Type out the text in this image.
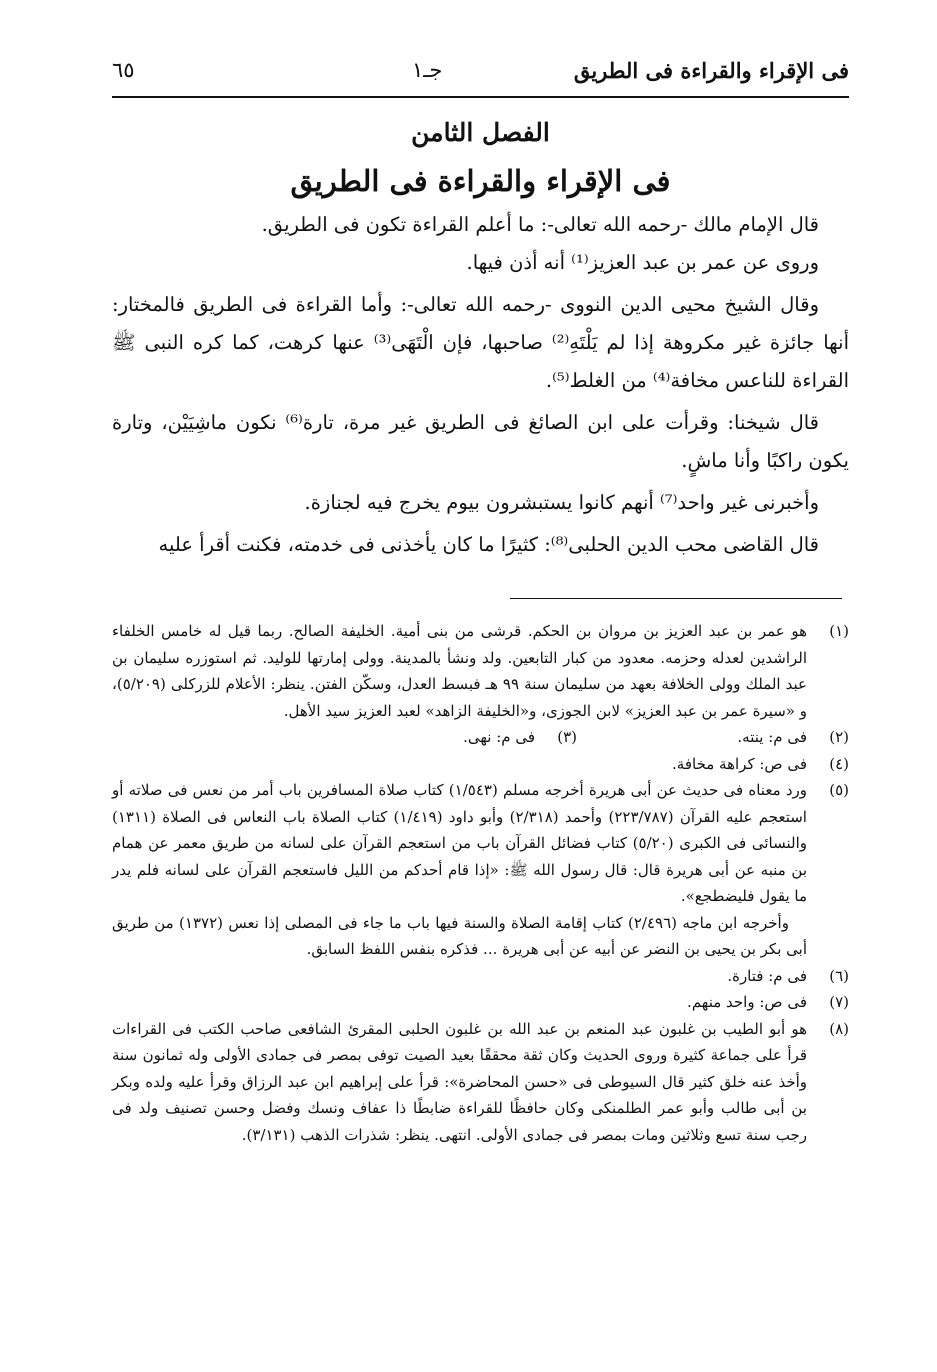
فى الإقراء والقراءة فى الطريق
جـ١
٦٥
الفصل الثامن
فى الإقراء والقراءة فى الطريق

قال الإمام مالك -رحمه الله تعالى-: ما أعلم القراءة تكون فى الطريق.

وروى عن عمر بن عبد العزيز⁽¹⁾ أنه أذن فيها.

وقال الشيخ محيى الدين النووى -رحمه الله تعالى-: وأما القراءة فى الطريق فالمختار: أنها جائزة غير مكروهة إذا لم يَلْتَهِ⁽²⁾ صاحبها، فإن الْتَهَى⁽³⁾ عنها كرهت، كما كره النبى ﷺ القراءة للناعس مخافة⁽⁴⁾ من الغلط⁽⁵⁾.

قال شيخنا: وقرأت على ابن الصائغ فى الطريق غير مرة، تارة⁽⁶⁾ نكون ماشِيَيْن، وتارة يكون راكبًا وأنا ماشٍ.

وأخبرنى غير واحد⁽⁷⁾ أنهم كانوا يستبشرون بيوم يخرج فيه لجنازة.

قال القاضى محب الدين الحلبى⁽⁸⁾: كثيرًا ما كان يأخذنى فى خدمته، فكنت أقرأ عليه

(١)
هو عمر بن عبد العزيز بن مروان بن الحكم. قرشى من بنى أمية. الخليفة الصالح. ربما قيل له خامس الخلفاء الراشدين لعدله وحزمه. معدود من كبار التابعين. ولد ونشأ بالمدينة. وولى إمارتها للوليد. ثم استوزره سليمان بن عبد الملك وولى الخلافة بعهد من سليمان سنة ٩٩ هـ فبسط العدل، وسكّن الفتن. ينظر: الأعلام للزركلى (٥/٢٠٩)، و «سيرة عمر بن عبد العزيز» لابن الجوزى، و«الخليفة الزاهد» لعبد العزيز سيد الأهل.
(٢)
فى م: ينته.
(٣)
فى م: نهى.
(٤)
فى ص: كراهة مخافة.
(٥)
ورد معناه فى حديث عن أبى هريرة أخرجه مسلم (١/٥٤٣) كتاب صلاة المسافرين باب أمر من نعس فى صلاته أو استعجم عليه القرآن (٢٢٣/٧٨٧) وأحمد (٢/٣١٨) وأبو داود (١/٤١٩) كتاب الصلاة باب النعاس فى الصلاة (١٣١١) والنسائى فى الكبرى (٥/٢٠) كتاب فضائل القرآن باب من استعجم القرآن على لسانه من طريق معمر عن همام بن منبه عن أبى هريرة قال: قال رسول الله ﷺ: «إذا قام أحدكم من الليل فاستعجم القرآن على لسانه فلم يدر ما يقول فليضطجع».
وأخرجه ابن ماجه (٢/٤٩٦) كتاب إقامة الصلاة والسنة فيها باب ما جاء فى المصلى إذا نعس (١٣٧٢) من طريق أبى بكر بن يحيى بن النضر عن أبيه عن أبى هريرة ... فذكره بنفس اللفظ السابق.
(٦)
فى م: فتارة.
(٧)
فى ص: واحد منهم.
(٨)
هو أبو الطيب بن غلبون عبد المنعم بن عبد الله بن غلبون الحلبى المقرئ الشافعى صاحب الكتب فى القراءات قرأ على جماعة كثيرة وروى الحديث وكان ثقة محققًا بعيد الصيت توفى بمصر فى جمادى الأولى وله ثمانون سنة وأخذ عنه خلق كثير قال السيوطى فى «حسن المحاضرة»: قرأ على إبراهيم ابن عبد الرزاق وقرأ عليه ولده وبكر بن أبى طالب وأبو عمر الطلمنكى وكان حافظًا للقراءة ضابطًا ذا عفاف ونسك وفضل وحسن تصنيف ولد فى رجب سنة تسع وثلاثين ومات بمصر فى جمادى الأولى. انتهى. ينظر: شذرات الذهب (٣/١٣١).
